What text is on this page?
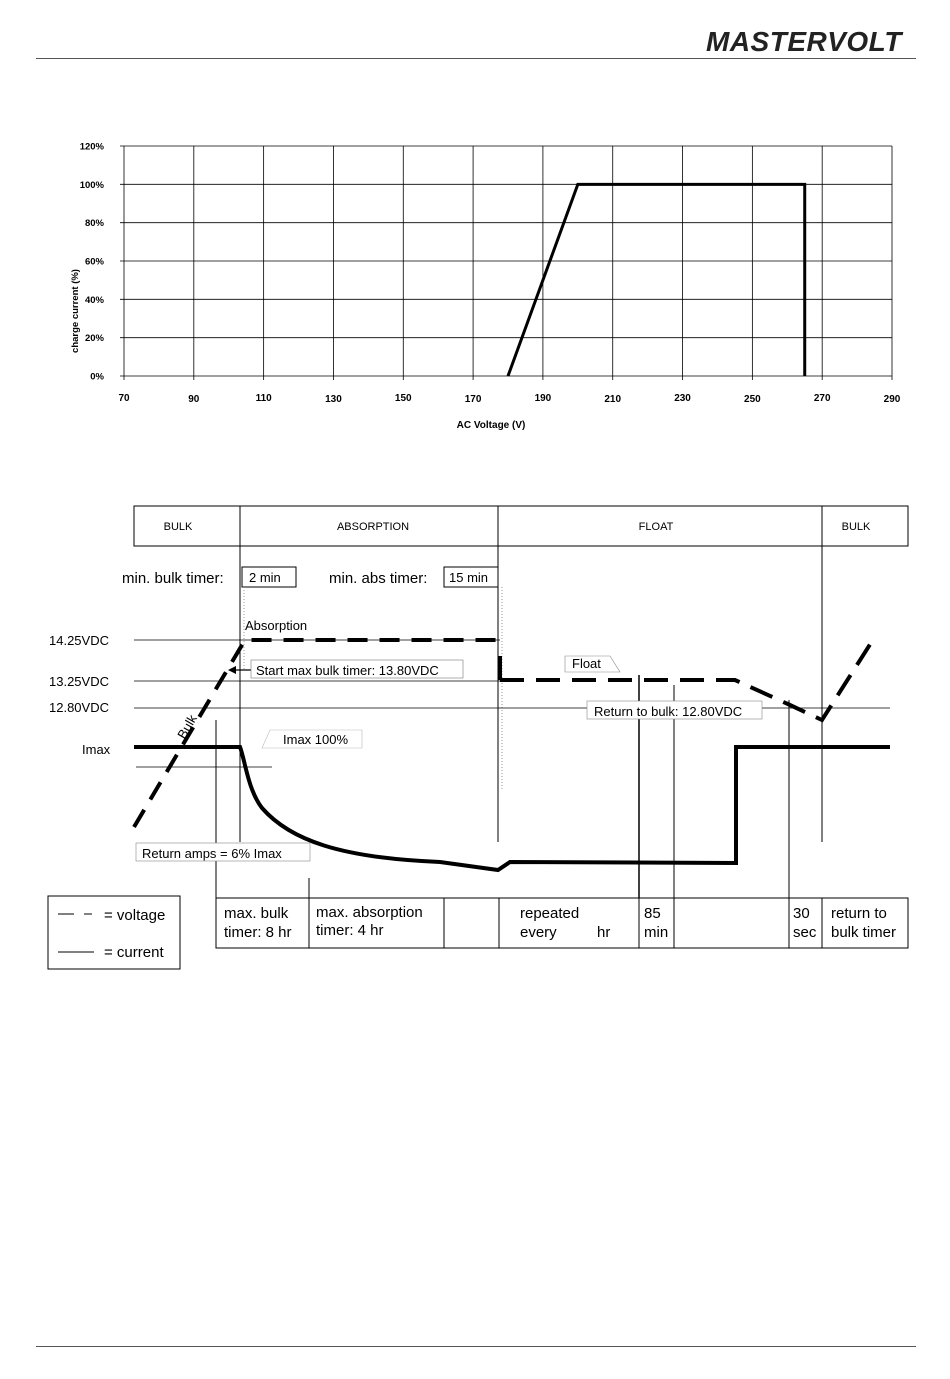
MASTERVOLT
0%
20%
40%
60%
80%
100%
120%
70	90	110	130	150	170	190	210	230	250	270	290
charge current (%)
AC Voltage (V)
BULK	ABSORPTION	FLOAT	BULK
min. bulk timer: 2 min	min. abs timer: 15 min
14.25VDC
13.25VDC
12.80VDC
Imax
Absorption
Start max bulk timer: 13.80VDC	Float
Return to bulk: 12.80VDC
Bulk	Imax 100%
Return amps = 6% Imax
= voltage
= current
max. bulk
timer: 8 hr
max. absorption
timer: 4 hr
repeated
every	hr
85
min
30
sec
return to
bulk timer
